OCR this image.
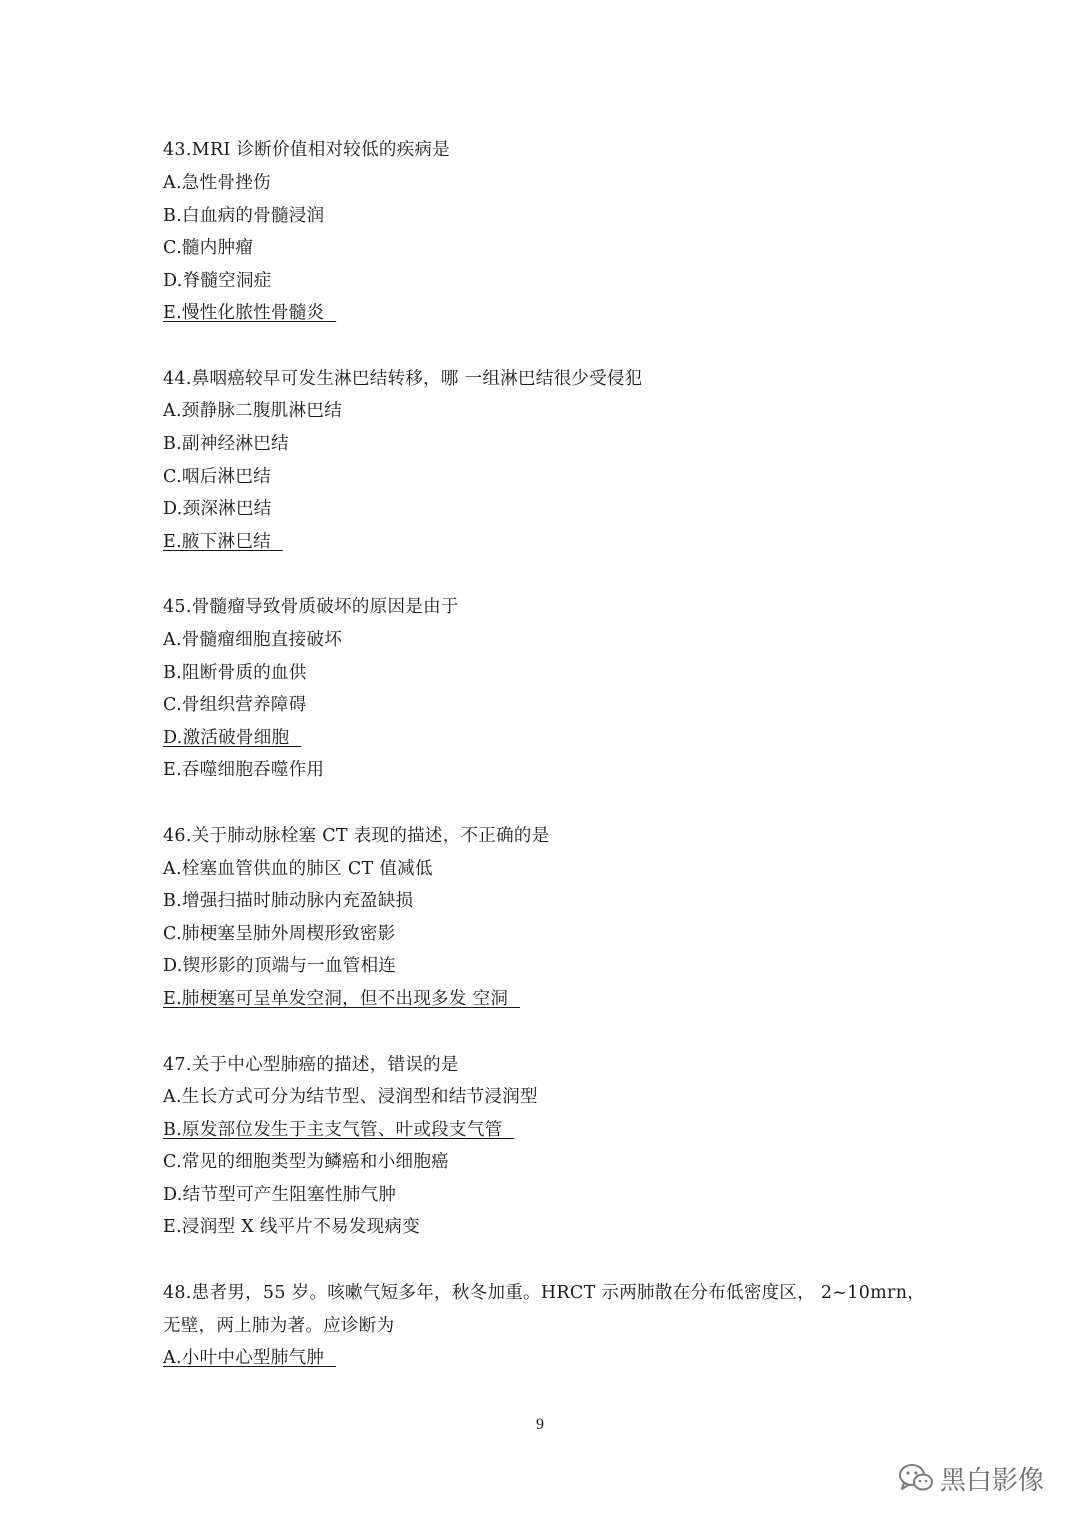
43.MRI 诊断价值相对较低的疾病是
A.急性骨挫伤
B.白血病的骨髓浸润
C.髓内肿瘤
D.脊髓空洞症
E.慢性化脓性骨髓炎
44.鼻咽癌较早可发生淋巴结转移，哪 一组淋巴结很少受侵犯
A.颈静脉二腹肌淋巴结
B.副神经淋巴结
C.咽后淋巴结
D.颈深淋巴结
E.腋下淋巳结
45.骨髓瘤导致骨质破坏的原因是由于
A.骨髓瘤细胞直接破坏
B.阻断骨质的血供
C.骨组织营养障碍
D.激活破骨细胞
E.吞噬细胞吞噬作用
46.关于肺动脉栓塞 CT 表现的描述，不正确的是
A.栓塞血管供血的肺区 CT 值减低
B.增强扫描时肺动脉内充盈缺损
C.肺梗塞呈肺外周楔形致密影
D.锲形影的顶端与一血管相连
E.肺梗塞可呈单发空洞，但不出现多发 空洞
47.关于中心型肺癌的描述，错误的是
A.生长方式可分为结节型、浸润型和结节浸润型
B.原发部位发生于主支气管、叶或段支气管
C.常见的细胞类型为鳞癌和小细胞癌
D.结节型可产生阻塞性肺气肿
E.浸润型 X 线平片不易发现病变
48.患者男，55 岁。咳嗽气短多年，秋冬加重。HRCT 示两肺散在分布低密度区， 2~10mrn，
无壁，两上肺为著。应诊断为
A.小叶中心型肺气肿
9
黑白影像
